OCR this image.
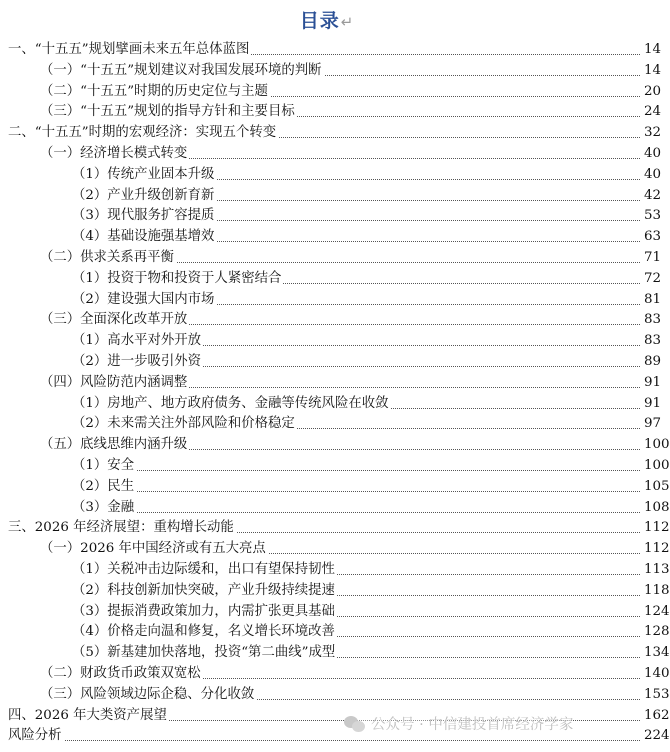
目录↵
一、“十五五”规划擘画未来五年总体蓝图	14
（一）“十五五”规划建议对我国发展环境的判断	14
（二）“十五五”时期的历史定位与主题	20
（三）“十五五”规划的指导方针和主要目标	24
二、“十五五”时期的宏观经济：实现五个转变	32
（一）经济增长模式转变	40
（1）传统产业固本升级	40
（2）产业升级创新育新	42
（3）现代服务扩容提质	53
（4）基础设施强基增效	63
（二）供求关系再平衡	71
（1）投资于物和投资于人紧密结合	72
（2）建设强大国内市场	81
（三）全面深化改革开放	83
（1）高水平对外开放	83
（2）进一步吸引外资	89
（四）风险防范内涵调整	91
（1）房地产、地方政府债务、金融等传统风险在收敛	91
（2）未来需关注外部风险和价格稳定	97
（五）底线思维内涵升级	100
（1）安全	100
（2）民生	105
（3）金融	108
三、2026 年经济展望：重构增长动能	112
（一）2026 年中国经济或有五大亮点	112
（1）关税冲击边际缓和，出口有望保持韧性	113
（2）科技创新加快突破，产业升级持续提速	118
（3）提振消费政策加力，内需扩张更具基础	124
（4）价格走向温和修复，名义增长环境改善	128
（5）新基建加快落地，投资“第二曲线”成型	134
（二）财政货币政策双宽松	140
（三）风险领域边际企稳、分化收敛	153
四、2026 年大类资产展望	162
风险分析	224
公众号 · 中信建投首席经济学家
